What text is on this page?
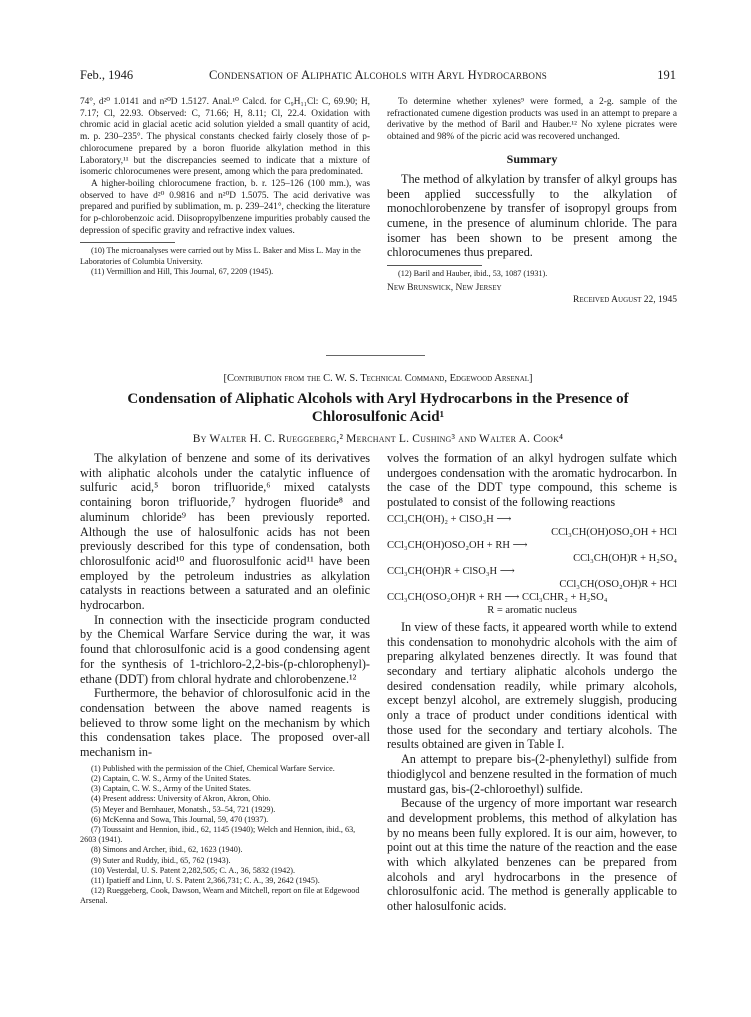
Feb., 1946	Condensation of Aliphatic Alcohols with Aryl Hydrocarbons	191

74°, d²⁰ 1.0141 and n²⁰D 1.5127. Anal.¹⁰ Calcd. for C₉H₁₁Cl: C, 69.90; H, 7.17; Cl, 22.93. Observed: C, 71.66; H, 8.11; Cl, 22.4. Oxidation with chromic acid in glacial acetic acid solution yielded a small quantity of acid, m. p. 230–235°. The physical constants checked fairly closely those of p-chlorocumene prepared by a boron fluoride alkylation method in this Laboratory,¹¹ but the discrepancies seemed to indicate that a mixture of isomeric chlorocumenes were present, among which the para predominated.

A higher-boiling chlorocumene fraction, b. r. 125–126 (100 mm.), was observed to have d²⁰ 0.9816 and n²⁰D 1.5075. The acid derivative was prepared and purified by sublimation, m. p. 239–241°, checking the literature for p-chlorobenzoic acid. Diisopropylbenzene impurities probably caused the depression of specific gravity and refractive index values.

(10) The microanalyses were carried out by Miss L. Baker and Miss L. May in the Laboratories of Columbia University.

(11) Vermillion and Hill, This Journal, 67, 2209 (1945).

To determine whether xylenes⁹ were formed, a 2-g. sample of the refractionated cumene digestion products was used in an attempt to prepare a derivative by the method of Baril and Hauber.¹² No xylene picrates were obtained and 98% of the picric acid was recovered unchanged.

Summary

The method of alkylation by transfer of alkyl groups has been applied successfully to the alkylation of monochlorobenzene by transfer of isopropyl groups from cumene, in the presence of aluminum chloride. The para isomer has been shown to be present among the chlorocumenes thus prepared.

(12) Baril and Hauber, ibid., 53, 1087 (1931).

New Brunswick, New Jersey
Received August 22, 1945
[Contribution from the C. W. S. Technical Command, Edgewood Arsenal]
Condensation of Aliphatic Alcohols with Aryl Hydrocarbons in the Presence of
Chlorosulfonic Acid¹
By Walter H. C. Rueggeberg,² Merchant L. Cushing³ and Walter A. Cook⁴

The alkylation of benzene and some of its derivatives with aliphatic alcohols under the catalytic influence of sulfuric acid,⁵ boron trifluoride,⁶ mixed catalysts containing boron trifluoride,⁷ hydrogen fluoride⁸ and aluminum chloride⁹ has been previously reported. Although the use of halosulfonic acids has not been previously described for this type of condensation, both chlorosulfonic acid¹⁰ and fluorosulfonic acid¹¹ have been employed by the petroleum industries as alkylation catalysts in reactions between a saturated and an olefinic hydrocarbon.

In connection with the insecticide program conducted by the Chemical Warfare Service during the war, it was found that chlorosulfonic acid is a good condensing agent for the synthesis of 1-trichloro-2,2-bis-(p-chlorophenyl)-ethane (DDT) from chloral hydrate and chlorobenzene.¹²

Furthermore, the behavior of chlorosulfonic acid in the condensation between the above named reagents is believed to throw some light on the mechanism by which this condensation takes place. The proposed over-all mechanism in-

(1) Published with the permission of the Chief, Chemical Warfare Service.

(2) Captain, C. W. S., Army of the United States.

(3) Captain, C. W. S., Army of the United States.

(4) Present address: University of Akron, Akron, Ohio.

(5) Meyer and Bernhauer, Monatsh., 53–54, 721 (1929).

(6) McKenna and Sowa, This Journal, 59, 470 (1937).

(7) Toussaint and Hennion, ibid., 62, 1145 (1940); Welch and Hennion, ibid., 63, 2603 (1941).

(8) Simons and Archer, ibid., 62, 1623 (1940).

(9) Suter and Ruddy, ibid., 65, 762 (1943).

(10) Vesterdal, U. S. Patent 2,282,505; C. A., 36, 5832 (1942).

(11) Ipatieff and Linn, U. S. Patent 2,366,731; C. A., 39, 2642 (1945).

(12) Rueggeberg, Cook, Dawson, Wearn and Mitchell, report on file at Edgewood Arsenal.

volves the formation of an alkyl hydrogen sulfate which undergoes condensation with the aromatic hydrocarbon. In the case of the DDT type compound, this scheme is postulated to consist of the following reactions

CCl₃CH(OH)₂ + ClSO₃H ⟶
CCl₃CH(OH)OSO₂OH + HCl
CCl₃CH(OH)OSO₂OH + RH ⟶
CCl₃CH(OH)R + H₂SO₄
CCl₃CH(OH)R + ClSO₃H ⟶
CCl₃CH(OSO₂OH)R + HCl
CCl₃CH(OSO₂OH)R + RH ⟶ CCl₃CHR₂ + H₂SO₄
R = aromatic nucleus

In view of these facts, it appeared worth while to extend this condensation to monohydric alcohols with the aim of preparing alkylated benzenes directly. It was found that secondary and tertiary aliphatic alcohols undergo the desired condensation readily, while primary alcohols, except benzyl alcohol, are extremely sluggish, producing only a trace of product under conditions identical with those used for the secondary and tertiary alcohols. The results obtained are given in Table I.

An attempt to prepare bis-(2-phenylethyl) sulfide from thiodiglycol and benzene resulted in the formation of much mustard gas, bis-(2-chloroethyl) sulfide.

Because of the urgency of more important war research and development problems, this method of alkylation has by no means been fully explored. It is our aim, however, to point out at this time the nature of the reaction and the ease with which alkylated benzenes can be prepared from alcohols and aryl hydrocarbons in the presence of chlorosulfonic acid. The method is generally applicable to other halosulfonic acids.
